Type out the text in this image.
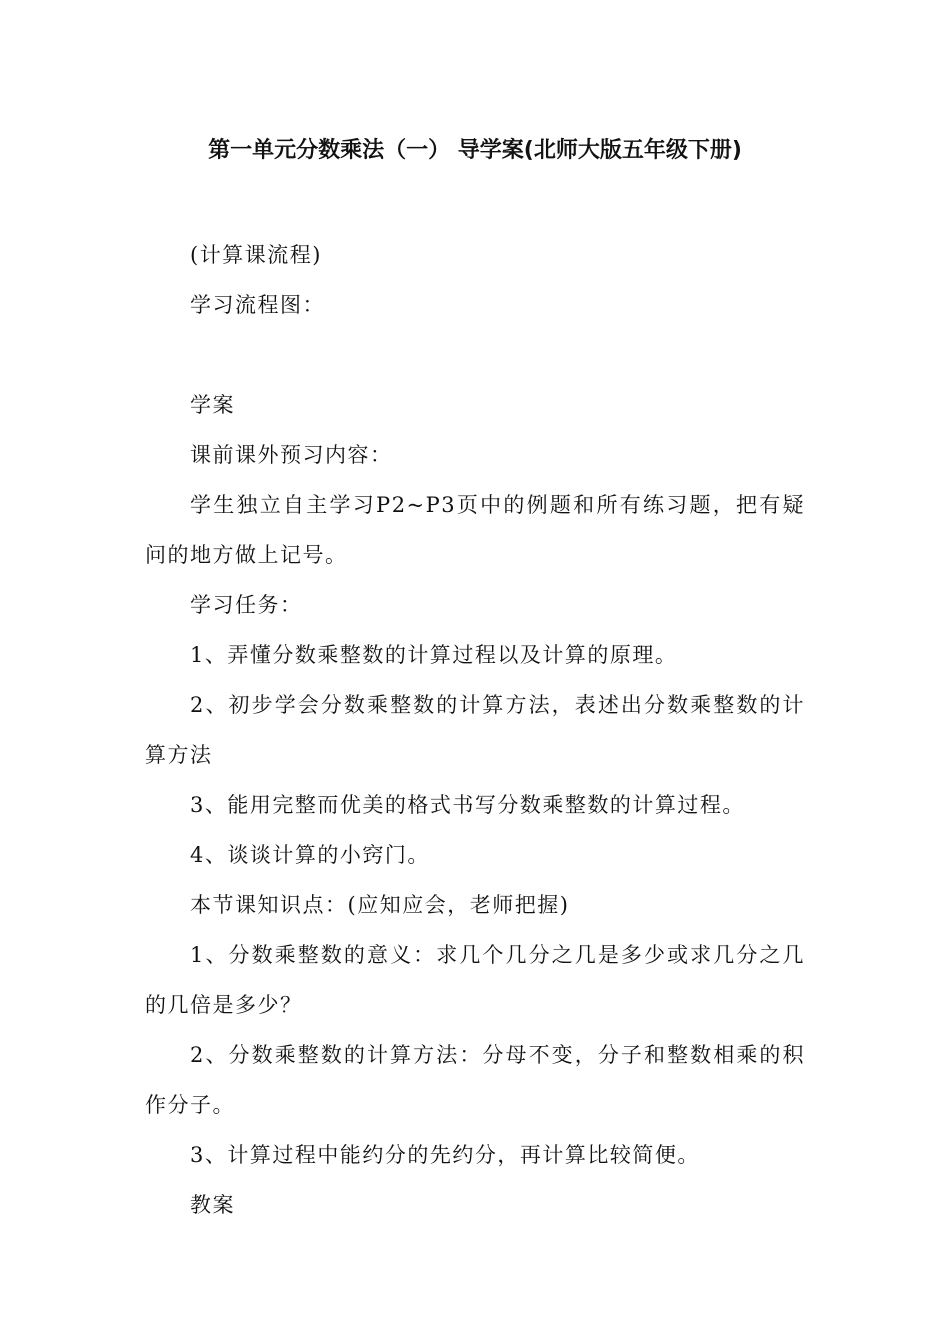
第一单元分数乘法（一） 导学案(北师大版五年级下册)

(计算课流程)

学习流程图：

学案

课前课外预习内容：

学生独立自主学习P2~P3页中的例题和所有练习题，把有疑问的地方做上记号。

学习任务：

1、弄懂分数乘整数的计算过程以及计算的原理。

2、初步学会分数乘整数的计算方法，表述出分数乘整数的计算方法

3、能用完整而优美的格式书写分数乘整数的计算过程。

4、谈谈计算的小窍门。

本节课知识点：(应知应会，老师把握)

1、分数乘整数的意义：求几个几分之几是多少或求几分之几的几倍是多少？

2、分数乘整数的计算方法：分母不变，分子和整数相乘的积作分子。

3、计算过程中能约分的先约分，再计算比较简便。

教案
